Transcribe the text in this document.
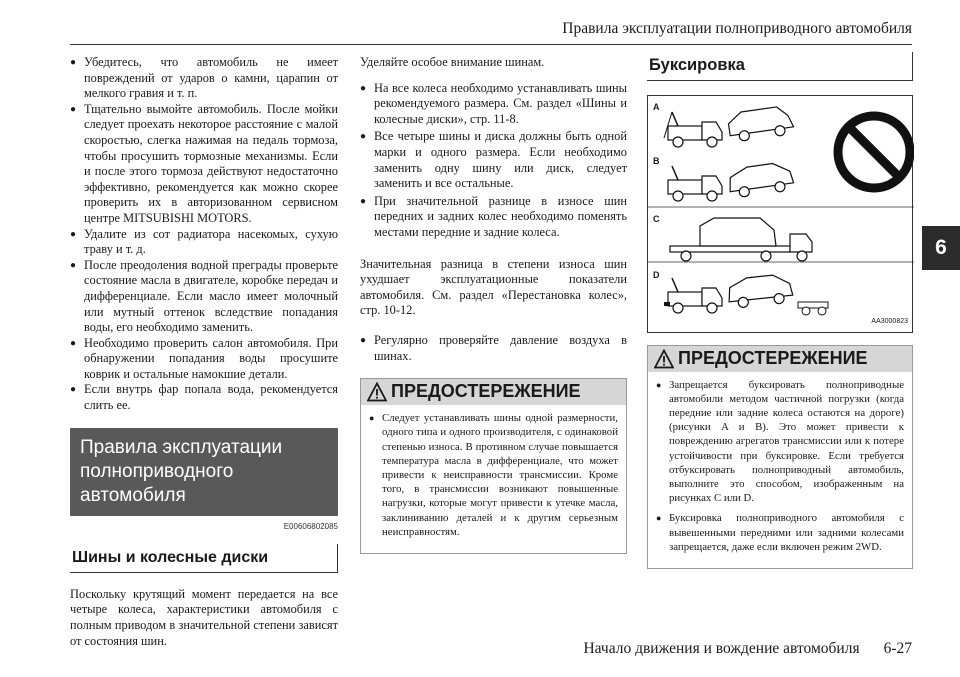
Правила эксплуатации полноприводного автомобиля
6
● Убедитесь, что автомобиль не имеет повреждений от ударов о камни, царапин от мелкого гравия и т. п.
● Тщательно вымойте автомобиль. После мойки следует проехать некоторое расстояние с малой скоростью, слегка нажимая на педаль тормоза, чтобы просушить тормозные механизмы. Если и после этого тормоза действуют недостаточно эффективно, рекомендуется как можно скорее проверить их в авторизованном сервисном центре MITSUBISHI MOTORS.
● Удалите из сот радиатора насекомых, сухую траву и т. д.
● После преодоления водной преграды проверьте состояние масла в двигателе, коробке передач и дифференциале. Если масло имеет молочный или мутный оттенок вследствие попадания воды, его необходимо заменить.
● Необходимо проверить салон автомобиля. При обнаружении попадания воды просушите коврик и остальные намокшие детали.
● Если внутрь фар попала вода, рекомендуется слить ее.
Правила эксплуатации полноприводного автомобиля
E00606802085
Шины и колесные диски

Поскольку крутящий момент передается на все четыре колеса, характеристики автомобиля с полным приводом в значительной степени зависят от состояния шин.

Уделяйте особое внимание шинам.

● На все колеса необходимо устанавливать шины рекомендуемого размера. См. раздел «Шины и колесные диски», стр. 11-8.
● Все четыре шины и диска должны быть одной марки и одного размера. Если необходимо заменить одну шину или диск, следует заменить и все остальные.
● При значительной разнице в износе шин передних и задних колес необходимо поменять местами передние и задние колеса.

Значительная разница в степени износа шин ухудшает эксплуатационные показатели автомобиля. См. раздел «Перестановка колес», стр. 10-12.

● Регулярно проверяйте давление воздуха в шинах.
ПРЕДОСТЕРЕЖЕНИЕ
● Следует устанавливать шины одной размерности, одного типа и одного производителя, с одинаковой степенью износа. В противном случае повышается температура масла в дифференциале, что может привести к неисправности трансмиссии. Кроме того, в трансмиссии возникают повышенные нагрузки, которые могут привести к утечке масла, заклиниванию деталей и к другим серьезным неисправностям.
Буксировка
A
B
C
D
AA3000823
ПРЕДОСТЕРЕЖЕНИЕ
● Запрещается буксировать полноприводные автомобили методом частичной погрузки (когда передние или задние колеса остаются на дороге) (рисунки A и B). Это может привести к повреждению агрегатов трансмиссии или к потере устойчивости при буксировке. Если требуется отбуксировать полноприводный автомобиль, выполните это способом, изображенным на рисунках C или D.
● Буксировка полноприводного автомобиля с вывешенными передними или задними колесами запрещается, даже если включен режим 2WD.
Начало движения и вождение автомобиля 6-27
